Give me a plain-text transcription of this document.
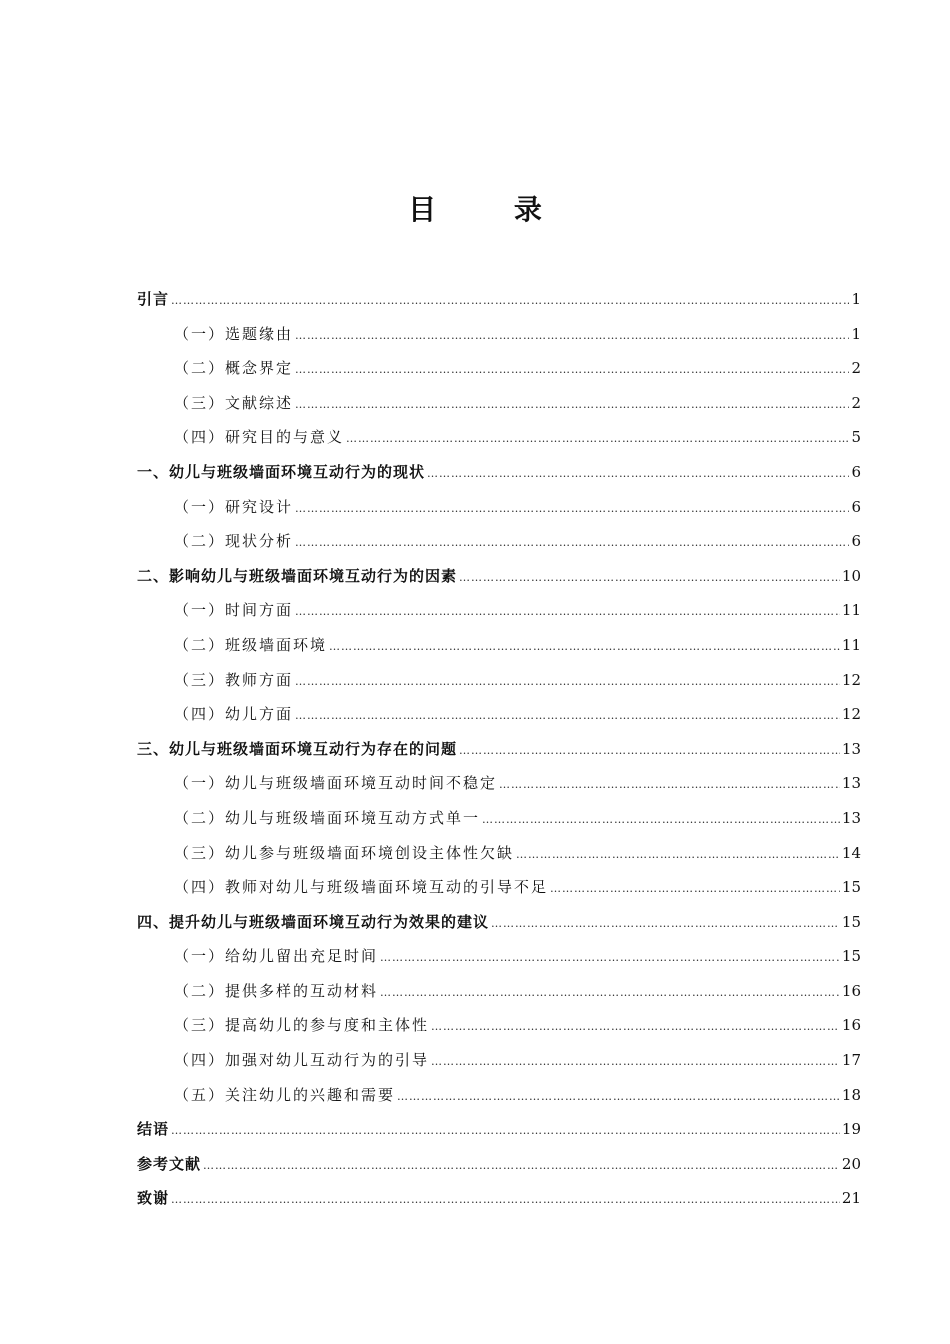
目 录
引言 …………………………………………………………………………………………………………………………………………………………………………………………………………………………	1
（一）选题缘由 …………………………………………………………………………………………………………………………………………………………………………………………………………………………	1
（二）概念界定 …………………………………………………………………………………………………………………………………………………………………………………………………………………………	2
（三）文献综述 …………………………………………………………………………………………………………………………………………………………………………………………………………………………	2
（四）研究目的与意义 …………………………………………………………………………………………………………………………………………………………………………………………………………………………	5
一、幼儿与班级墙面环境互动行为的现状 …………………………………………………………………………………………………………………………………………………………………………………………………………………………	6
（一）研究设计 …………………………………………………………………………………………………………………………………………………………………………………………………………………………	6
（二）现状分析 …………………………………………………………………………………………………………………………………………………………………………………………………………………………	6
二、影响幼儿与班级墙面环境互动行为的因素 …………………………………………………………………………………………………………………………………………………………………………………………………………………………	10
（一）时间方面 …………………………………………………………………………………………………………………………………………………………………………………………………………………………	11
（二）班级墙面环境 …………………………………………………………………………………………………………………………………………………………………………………………………………………………	11
（三）教师方面 …………………………………………………………………………………………………………………………………………………………………………………………………………………………	12
（四）幼儿方面 …………………………………………………………………………………………………………………………………………………………………………………………………………………………	12
三、幼儿与班级墙面环境互动行为存在的问题 …………………………………………………………………………………………………………………………………………………………………………………………………………………………	13
（一）幼儿与班级墙面环境互动时间不稳定 …………………………………………………………………………………………………………………………………………………………………………………………………………………………	13
（二）幼儿与班级墙面环境互动方式单一 …………………………………………………………………………………………………………………………………………………………………………………………………………………………	13
（三）幼儿参与班级墙面环境创设主体性欠缺 …………………………………………………………………………………………………………………………………………………………………………………………………………………………	14
（四）教师对幼儿与班级墙面环境互动的引导不足 …………………………………………………………………………………………………………………………………………………………………………………………………………………………	15
四、提升幼儿与班级墙面环境互动行为效果的建议 …………………………………………………………………………………………………………………………………………………………………………………………………………………………	15
（一）给幼儿留出充足时间 …………………………………………………………………………………………………………………………………………………………………………………………………………………………	15
（二）提供多样的互动材料 …………………………………………………………………………………………………………………………………………………………………………………………………………………………	16
（三）提高幼儿的参与度和主体性 …………………………………………………………………………………………………………………………………………………………………………………………………………………………	16
（四）加强对幼儿互动行为的引导 …………………………………………………………………………………………………………………………………………………………………………………………………………………………	17
（五）关注幼儿的兴趣和需要 …………………………………………………………………………………………………………………………………………………………………………………………………………………………	18
结语 …………………………………………………………………………………………………………………………………………………………………………………………………………………………	19
参考文献 …………………………………………………………………………………………………………………………………………………………………………………………………………………………	20
致谢 …………………………………………………………………………………………………………………………………………………………………………………………………………………………	21
